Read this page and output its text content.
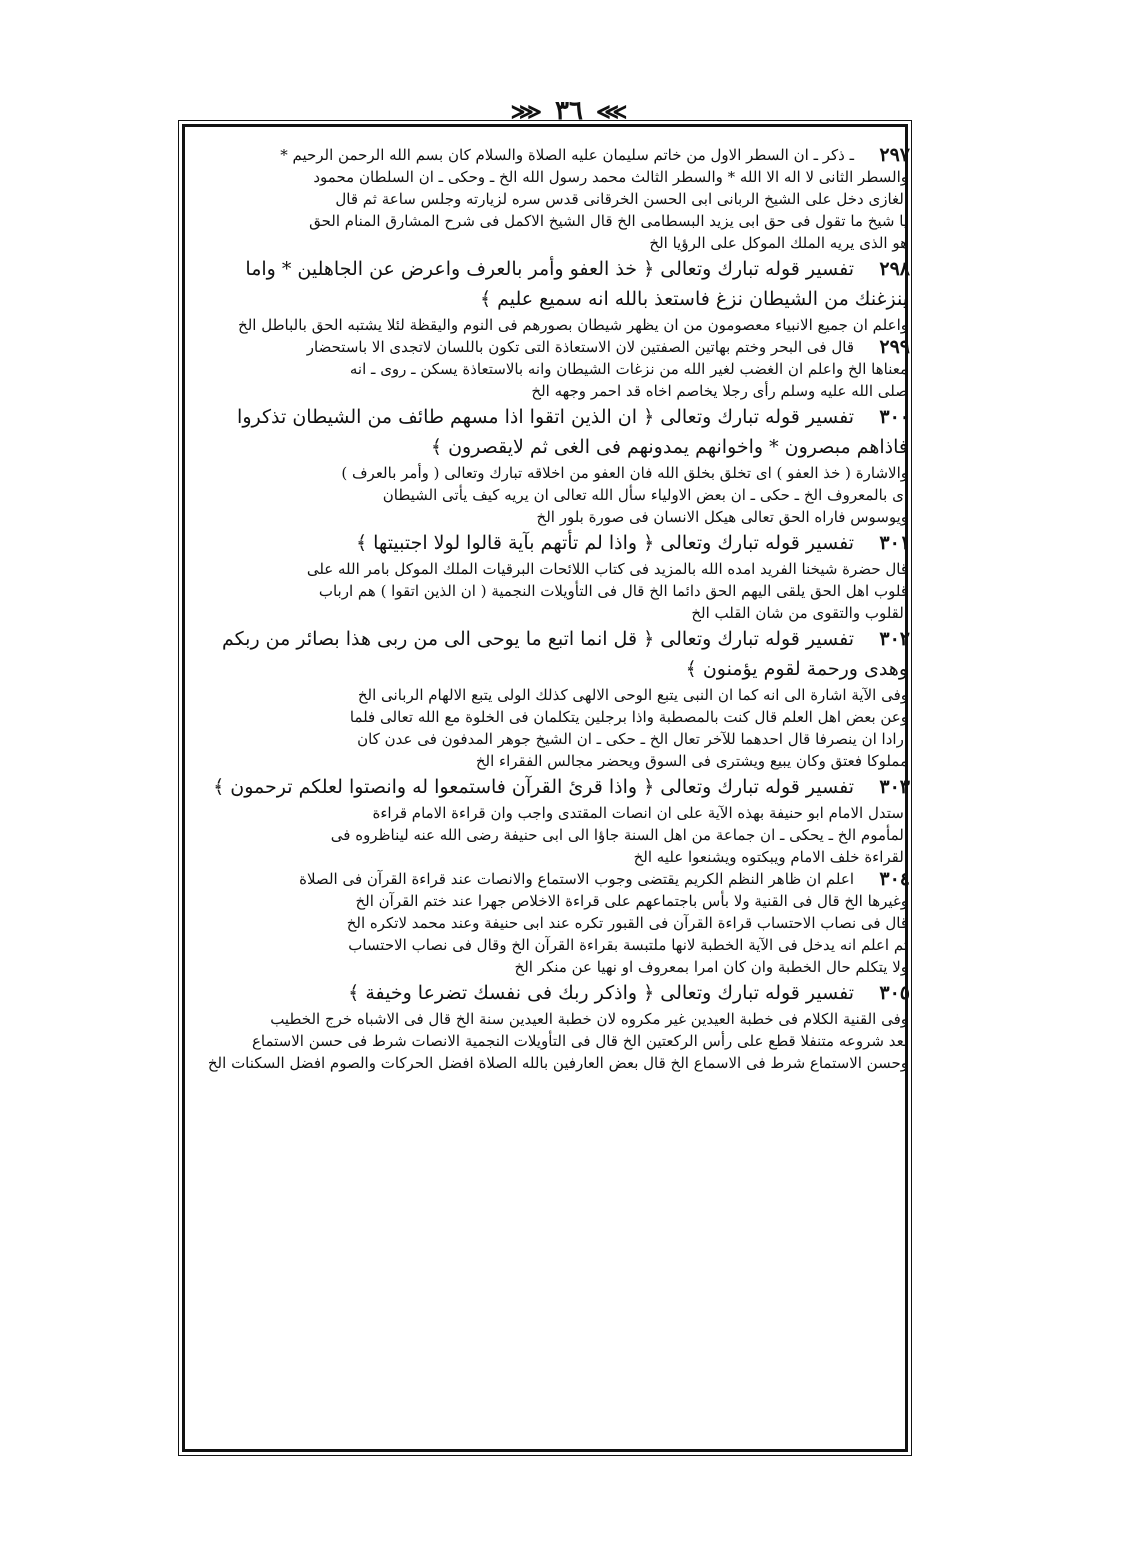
⋙ ٣٦ ⋘
٢٩٧
ـ ذكر ـ ان السطر الاول من خاتم سليمان عليه الصلاة والسلام كان بسم الله الرحمن الرحيم *
والسطر الثانى لا اله الا الله * والسطر الثالث محمد رسول الله الخ ـ وحكى ـ ان السلطان محمود
الغازى دخل على الشيخ الربانى ابى الحسن الخرقانى قدس سره لزيارته وجلس ساعة ثم قال
يا شيخ ما تقول فى حق ابى يزيد البسطامى الخ قال الشيخ الاكمل فى شرح المشارق المنام الحق
هو الذى يريه الملك الموكل على الرؤيا الخ
٢٩٨
تفسير قوله تبارك وتعالى ﴿ خذ العفو وأمر بالعرف واعرض عن الجاهلين * واما
ينزغنك من الشيطان نزغ فاستعذ بالله انه سميع عليم ﴾
واعلم ان جميع الانبياء معصومون من ان يظهر شيطان بصورهم فى النوم واليقظة لئلا يشتبه الحق بالباطل الخ
٢٩٩
قال فى البحر وختم بهاتين الصفتين لان الاستعاذة التى تكون باللسان لاتجدى الا باستحضار
معناها الخ واعلم ان الغضب لغير الله من نزغات الشيطان وانه بالاستعاذة يسكن ـ روى ـ انه
صلى الله عليه وسلم رأى رجلا يخاصم اخاه قد احمر وجهه الخ
٣٠٠
تفسير قوله تبارك وتعالى ﴿ ان الذين اتقوا اذا مسهم طائف من الشيطان تذكروا
فاذاهم مبصرون * واخوانهم يمدونهم فى الغى ثم لايقصرون ﴾
والاشارة ( خذ العفو ) اى تخلق بخلق الله فان العفو من اخلاقه تبارك وتعالى ( وأمر بالعرف )
اى بالمعروف الخ ـ حكى ـ ان بعض الاولياء سأل الله تعالى ان يريه كيف يأتى الشيطان
ويوسوس فاراه الحق تعالى هيكل الانسان فى صورة بلور الخ
٣٠١
تفسير قوله تبارك وتعالى ﴿ واذا لم تأتهم بآية قالوا لولا اجتبيتها ﴾
قال حضرة شيخنا الفريد امده الله بالمزيد فى كتاب اللائحات البرقيات الملك الموكل بامر الله على
قلوب اهل الحق يلقى اليهم الحق دائما الخ قال فى التأويلات النجمية ( ان الذين اتقوا ) هم ارباب
القلوب والتقوى من شان القلب الخ
٣٠٢
تفسير قوله تبارك وتعالى ﴿ قل انما اتبع ما يوحى الى من ربى هذا بصائر من ربكم
وهدى ورحمة لقوم يؤمنون ﴾
وفى الآية اشارة الى انه كما ان النبى يتبع الوحى الالهى كذلك الولى يتبع الالهام الربانى الخ
وعن بعض اهل العلم قال كنت بالمصطبة واذا برجلين يتكلمان فى الخلوة مع الله تعالى فلما
ارادا ان ينصرفا قال احدهما للآخر تعال الخ ـ حكى ـ ان الشيخ جوهر المدفون فى عدن كان
مملوكا فعتق وكان يبيع ويشترى فى السوق ويحضر مجالس الفقراء الخ
٣٠٣
تفسير قوله تبارك وتعالى ﴿ واذا قرئ القرآن فاستمعوا له وانصتوا لعلكم ترحمون ﴾
استدل الامام ابو حنيفة بهذه الآية على ان انصات المقتدى واجب وان قراءة الامام قراءة
المأموم الخ ـ يحكى ـ ان جماعة من اهل السنة جاؤا الى ابى حنيفة رضى الله عنه ليناظروه فى
القراءة خلف الامام ويبكتوه ويشنعوا عليه الخ
٣٠٤
اعلم ان ظاهر النظم الكريم يقتضى وجوب الاستماع والانصات عند قراءة القرآن فى الصلاة
وغيرها الخ قال فى القنية ولا بأس باجتماعهم على قراءة الاخلاص جهرا عند ختم القرآن الخ
قال فى نصاب الاحتساب قراءة القرآن فى القبور تكره عند ابى حنيفة وعند محمد لاتكره الخ
ثم اعلم انه يدخل فى الآية الخطبة لانها ملتبسة بقراءة القرآن الخ وقال فى نصاب الاحتساب
ولا يتكلم حال الخطبة وان كان امرا بمعروف او نهيا عن منكر الخ
٣٠٥
تفسير قوله تبارك وتعالى ﴿ واذكر ربك فى نفسك تضرعا وخيفة ﴾
وفى القنية الكلام فى خطبة العيدين غير مكروه لان خطبة العيدين سنة الخ قال فى الاشباه خرج الخطيب
بعد شروعه متنفلا قطع على رأس الركعتين الخ قال فى التأويلات النجمية الانصات شرط فى حسن الاستماع
وحسن الاستماع شرط فى الاسماع الخ قال بعض العارفين بالله الصلاة افضل الحركات والصوم افضل السكنات الخ
